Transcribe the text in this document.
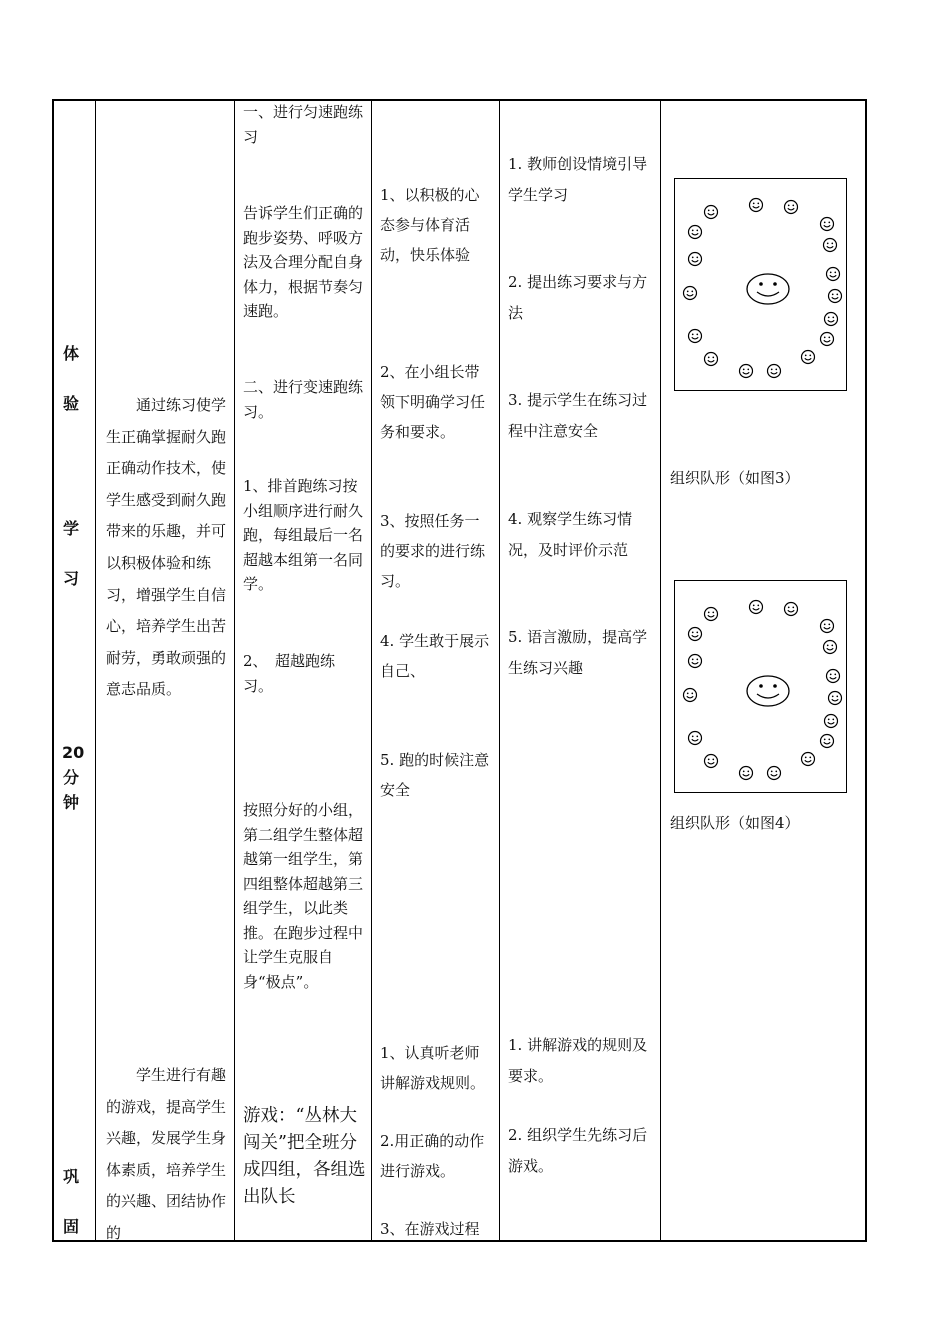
体
验
学
习
20
分
钟
巩
固
　　通过练习使学生正确掌握耐久跑正确动作技术，使学生感受到耐久跑带来的乐趣，并可以积极体验和练习，增强学生自信心，培养学生出苦耐劳，勇敢顽强的意志品质。
　　学生进行有趣的游戏，提高学生兴趣，发展学生身体素质，培养学生的兴趣、团结协作的
一、进行匀速跑练习
告诉学生们正确的跑步姿势、呼吸方法及合理分配自身体力，根据节奏匀速跑。
二、进行变速跑练习。
1、排首跑练习按小组顺序进行耐久跑，每组最后一名超越本组第一名同学。
2、　超越跑练　　习。
按照分好的小组，第二组学生整体超越第一组学生，第四组整体超越第三组学生，以此类推。在跑步过程中让学生克服自身“极点”。
游戏：“丛林大闯关”把全班分成四组，各组选出队长
1、以积极的心态参与体育活动，快乐体验
2、在小组长带领下明确学习任务和要求。
3、按照任务一的要求的进行练习。
4. 学生敢于展示自己、
5. 跑的时候注意安全
1、认真听老师讲解游戏规则。
2.用正确的动作进行游戏。
3、在游戏过程
1. 教师创设情境引导学生学习
2. 提出练习要求与方法
3. 提示学生在练习过程中注意安全
4. 观察学生练习情况，及时评价示范
5. 语言激励，提高学生练习兴趣
1. 讲解游戏的规则及要求。
2. 组织学生先练习后游戏。
组织队形（如图3）
组织队形（如图4）
